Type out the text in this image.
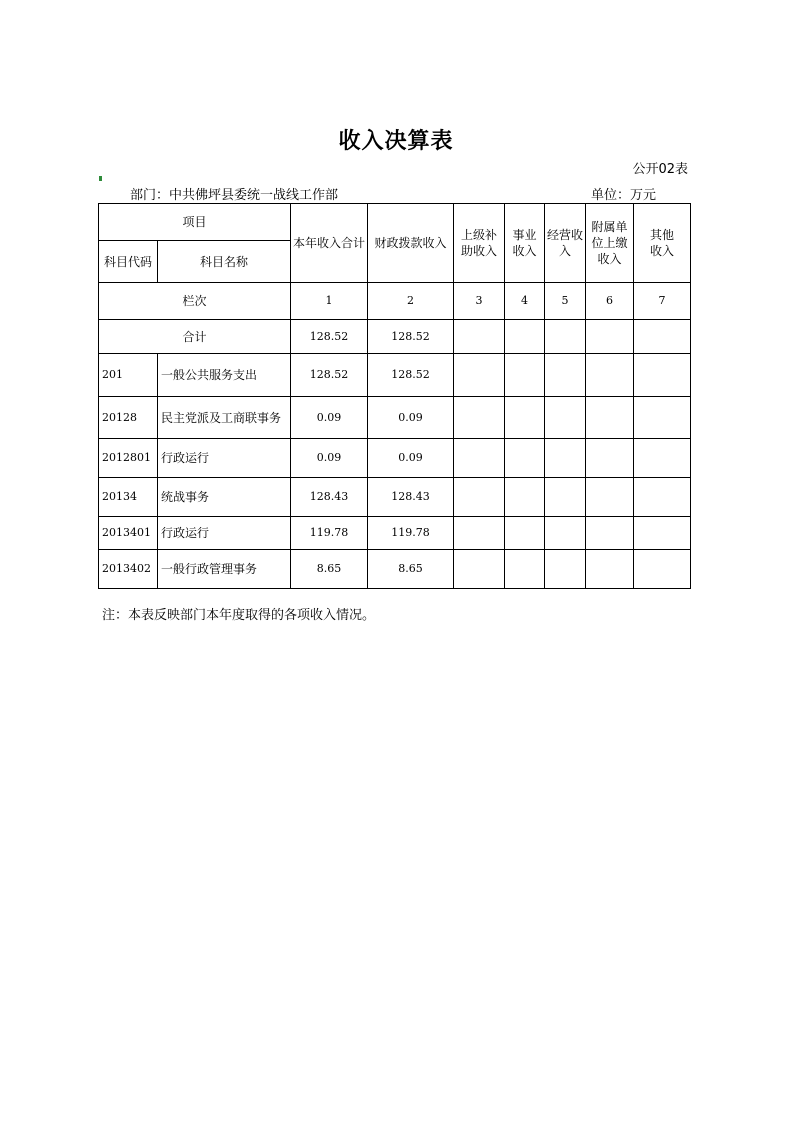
收入决算表
公开02表
部门：中共佛坪县委统一战线工作部	单位：万元
项目		本年收入合计	财政拨款收入	上级补助收入	事业收入	经营收入	附属单位上缴收入	其他收入
科目代码	科目名称							
栏次		1	2	3	4	5	6	7
合计		128.52	128.52					
201	一般公共服务支出	128.52	128.52					
20128	民主党派及工商联事务	0.09	0.09					
2012801	行政运行	0.09	0.09					
20134	统战事务	128.43	128.43					
2013401	行政运行	119.78	119.78					
2013402	一般行政管理事务	8.65	8.65					
注：本表反映部门本年度取得的各项收入情况。
